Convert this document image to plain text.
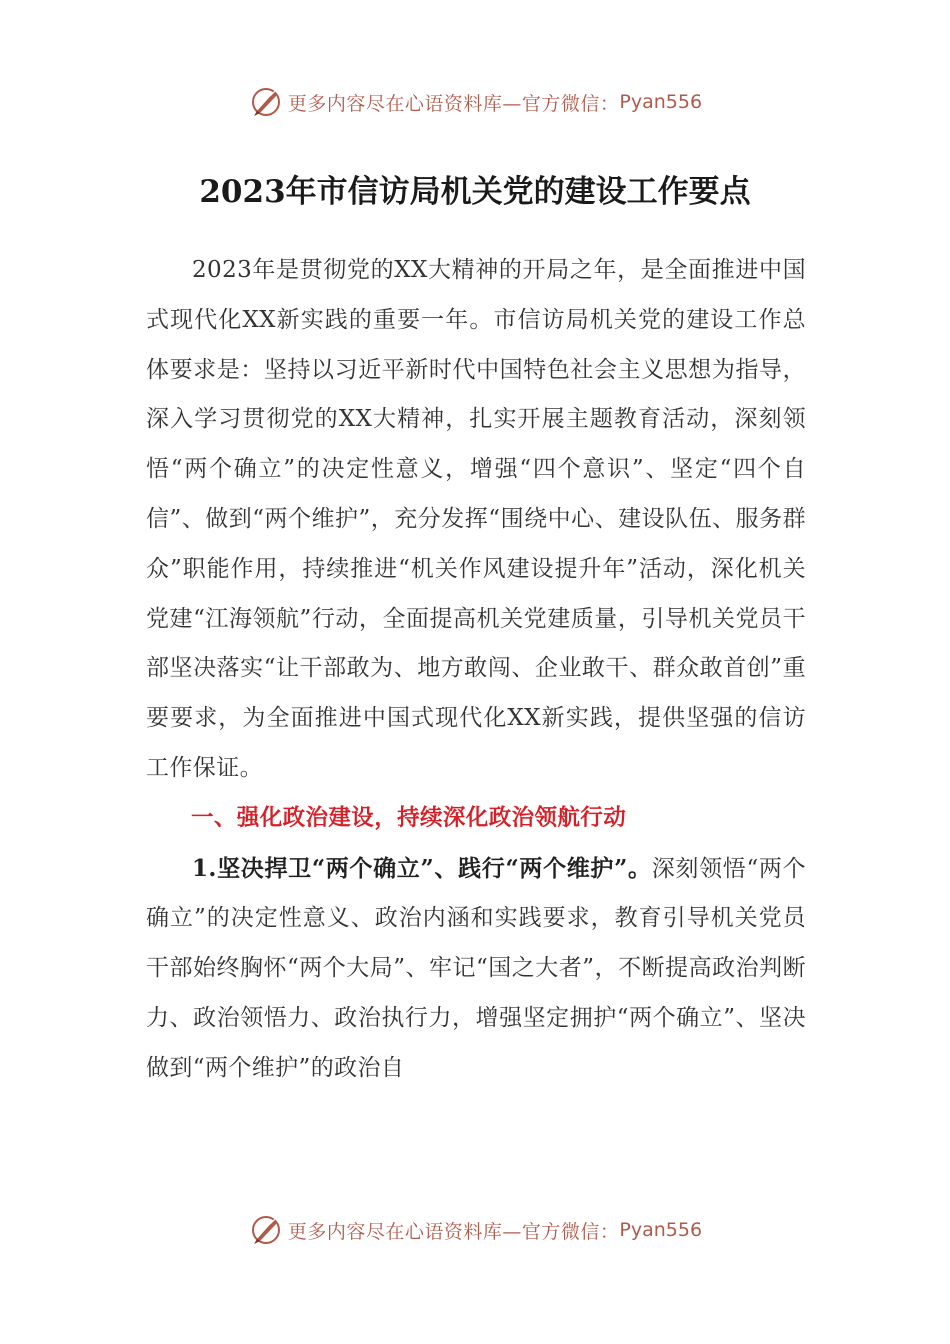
更多内容尽在心语资料库—官方微信： Pyan556
2023年市信访局机关党的建设工作要点

2023年是贯彻党的XX大精神的开局之年，是全面推进中国式现代化XX新实践的重要一年。市信访局机关党的建设工作总体要求是：坚持以习近平新时代中国特色社会主义思想为指导，深入学习贯彻党的XX大精神，扎实开展主题教育活动，深刻领悟“两个确立”的决定性意义，增强“四个意识”、坚定“四个自信”、做到“两个维护”，充分发挥“围绕中心、建设队伍、服务群众”职能作用，持续推进“机关作风建设提升年”活动，深化机关党建“江海领航”行动，全面提高机关党建质量，引导机关党员干部坚决落实“让干部敢为、地方敢闯、企业敢干、群众敢首创”重要要求，为全面推进中国式现代化XX新实践，提供坚强的信访工作保证。

一、强化政治建设，持续深化政治领航行动

1.坚决捍卫“两个确立”、践行“两个维护”。深刻领悟“两个确立”的决定性意义、政治内涵和实践要求，教育引导机关党员干部始终胸怀“两个大局”、牢记“国之大者”，不断提高政治判断力、政治领悟力、政治执行力，增强坚定拥护“两个确立”、坚决做到“两个维护”的政治自

更多内容尽在心语资料库—官方微信： Pyan556
